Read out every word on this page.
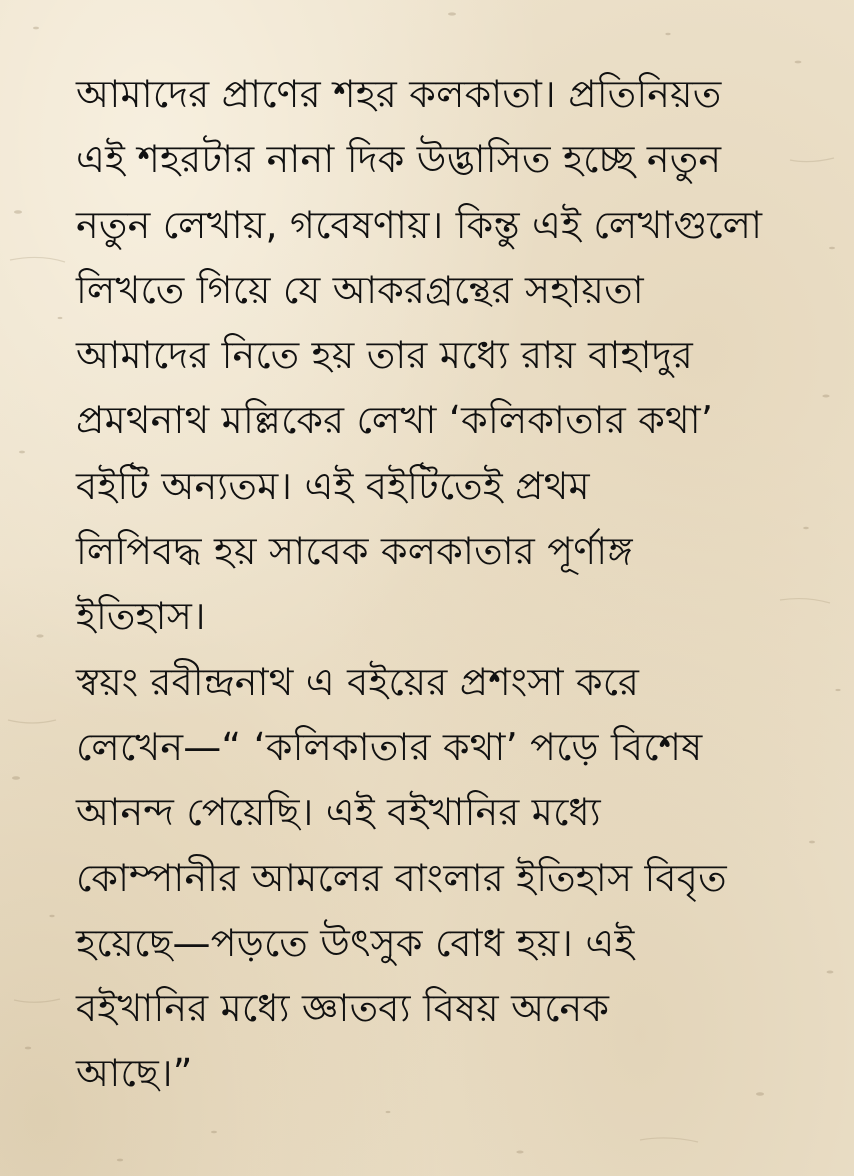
আমাদের প্রাণের শহর কলকাতা। প্রতিনিয়ত
এই শহরটার নানা দিক উদ্ভাসিত হচ্ছে নতুন
নতুন লেখায়, গবেষণায়। কিন্তু এই লেখাগুলো
লিখতে গিয়ে যে আকরগ্রন্থের সহায়তা
আমাদের নিতে হয় তার মধ্যে রায় বাহাদুর
প্রমথনাথ মল্লিকের লেখা ‘কলিকাতার কথা’
বইটি অন্যতম। এই বইটিতেই প্রথম
লিপিবদ্ধ হয় সাবেক কলকাতার পূর্ণাঙ্গ
ইতিহাস।
স্বয়ং রবীন্দ্রনাথ এ বইয়ের প্রশংসা করে
লেখেন—“ ‘কলিকাতার কথা’ পড়ে বিশেষ
আনন্দ পেয়েছি। এই বইখানির মধ্যে
কোম্পানীর আমলের বাংলার ইতিহাস বিবৃত
হয়েছে—পড়তে উৎসুক বোধ হয়। এই
বইখানির মধ্যে জ্ঞাতব্য বিষয় অনেক
আছে।”
